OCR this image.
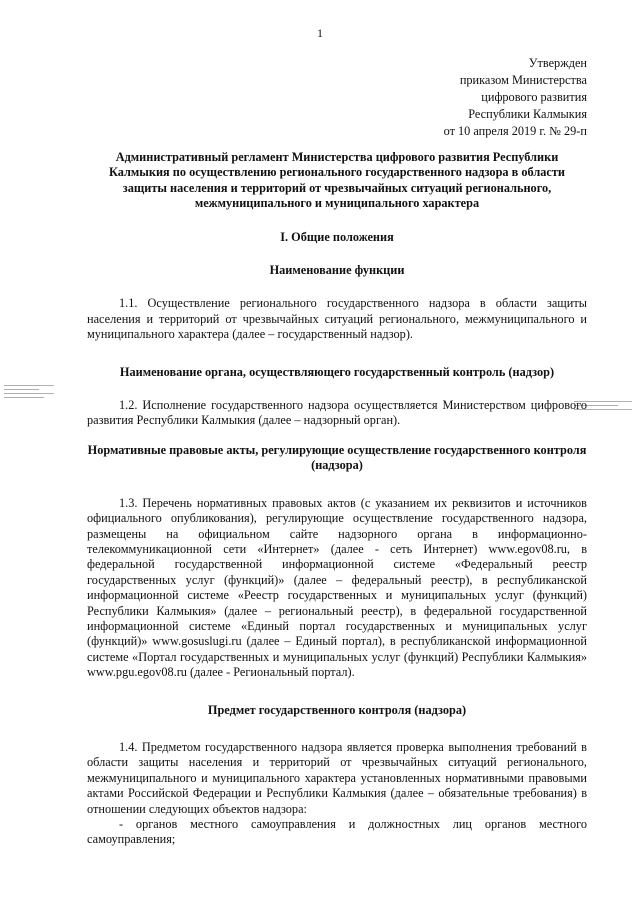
1
Утвержден
приказом Министерства
цифрового развития
Республики Калмыкия
от 10 апреля 2019 г. № 29-п
Административный регламент Министерства цифрового развития Республики Калмыкия по осуществлению регионального государственного надзора в области защиты населения и территорий от чрезвычайных ситуаций регионального, межмуниципального и муниципального характера
I. Общие положения
Наименование функции

1.1. Осуществление регионального государственного надзора в области защиты населения и территорий от чрезвычайных ситуаций регионального, межмуниципального и муниципального характера (далее – государственный надзор).

Наименование органа, осуществляющего государственный контроль (надзор)

1.2. Исполнение государственного надзора осуществляется Министерством цифрового развития Республики Калмыкия (далее – надзорный орган).

Нормативные правовые акты, регулирующие осуществление государственного контроля (надзора)

1.3. Перечень нормативных правовых актов (с указанием их реквизитов и источников официального опубликования), регулирующие осуществление государственного надзора, размещены на официальном сайте надзорного органа в информационно-телекоммуникационной сети «Интернет» (далее - сеть Интернет) www.egov08.ru, в федеральной государственной информационной системе «Федеральный реестр государственных услуг (функций)» (далее – федеральный реестр), в республиканской информационной системе «Реестр государственных и муниципальных услуг (функций) Республики Калмыкия» (далее – региональный реестр), в федеральной государственной информационной системе «Единый портал государственных и муниципальных услуг (функций)» www.gosuslugi.ru (далее – Единый портал), в республиканской информационной системе «Портал государственных и муниципальных услуг (функций) Республики Калмыкия» www.pgu.egov08.ru (далее - Региональный портал).

Предмет государственного контроля (надзора)

1.4. Предметом государственного надзора является проверка выполнения требований в области защиты населения и территорий от чрезвычайных ситуаций регионального, межмуниципального и муниципального характера установленных нормативными правовыми актами Российской Федерации и Республики Калмыкия (далее – обязательные требования) в отношении следующих объектов надзора:

- органов местного самоуправления и должностных лиц органов местного самоуправления;
